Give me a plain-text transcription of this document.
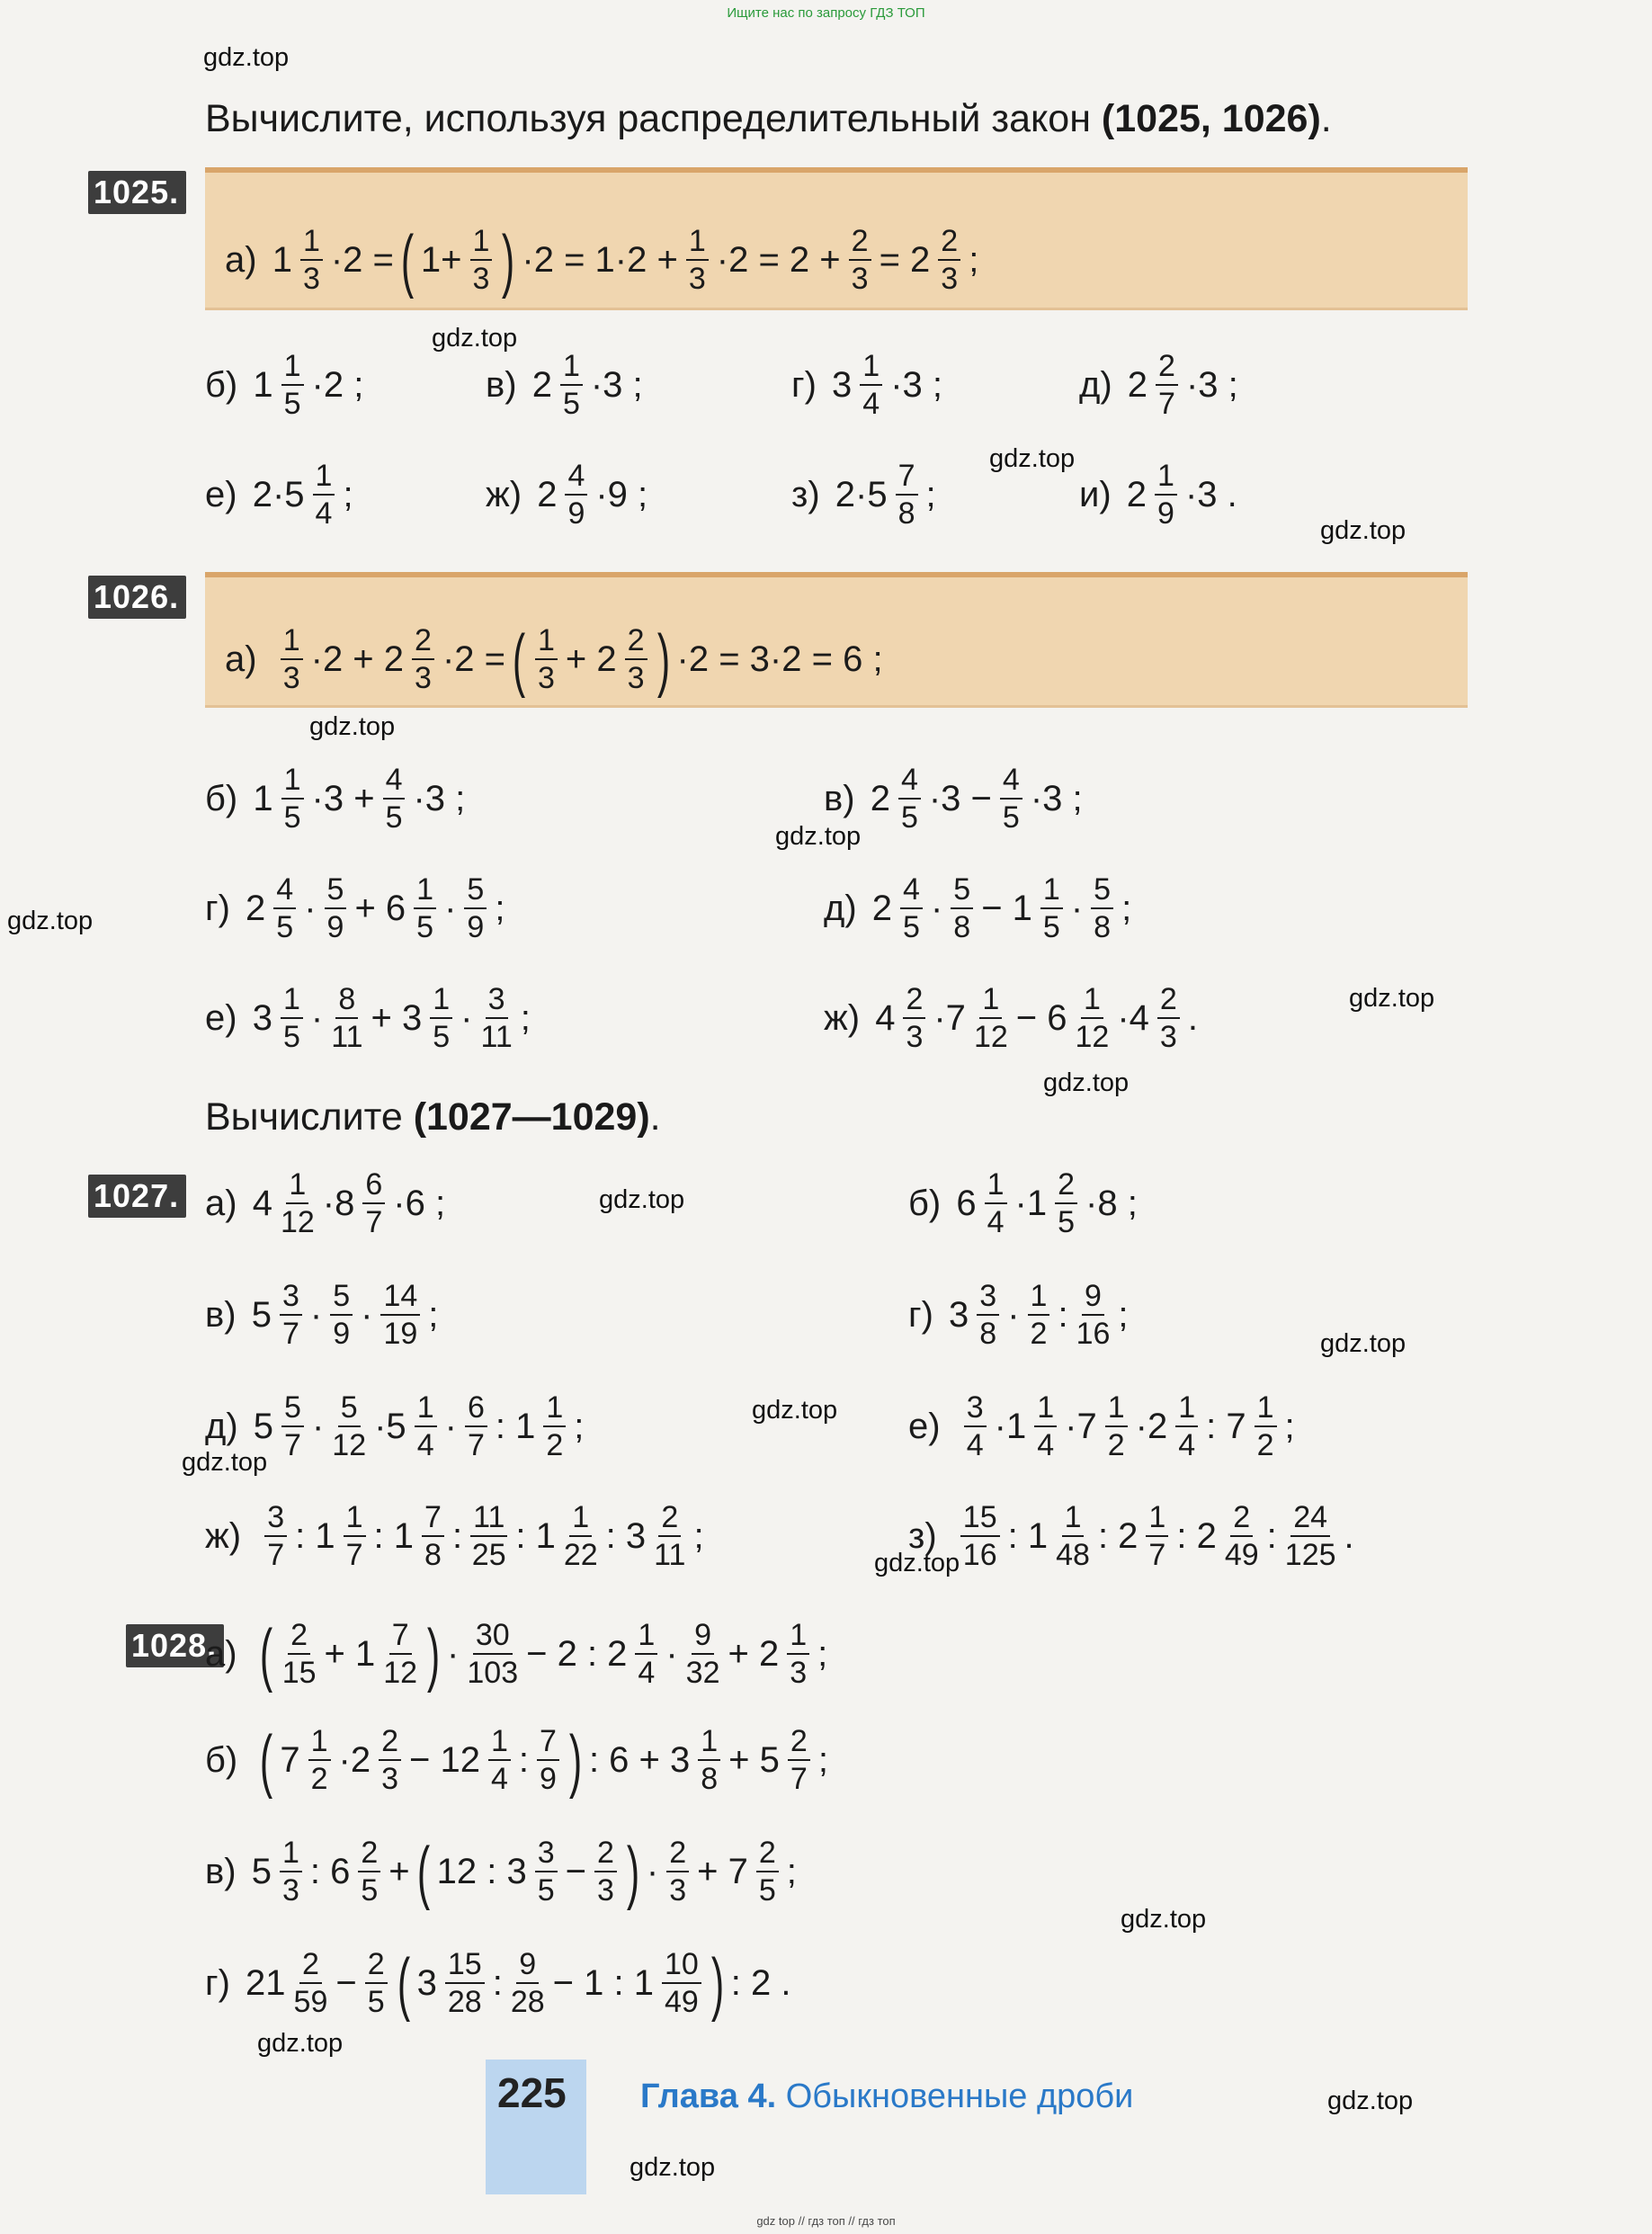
Ищите нас по запросу ГДЗ ТОП
gdz.top
gdz.top
gdz.top
gdz.top
gdz.top
gdz.top
gdz.top
gdz.top
gdz.top
gdz.top
gdz.top
gdz.top
gdz.top
gdz.top
gdz.top
gdz.top
gdz.top
gdz.top
Вычислите, используя распределительный закон (1025, 1026).
1025.
а) $1 \frac{1}{3} \cdot 2$ = ( $1+ \frac{1}{3}$ ) $\cdot 2 = 1\cdot 2 + \frac{1}{3} \cdot 2 = 2 + \frac{2}{3} = 2 \frac{2}{3}$ ;
б) $1 \frac{1}{5} \cdot 2$ ;	в) $2 \frac{1}{5} \cdot 3$ ;	г) $3 \frac{1}{4} \cdot 3$ ;	д) $2 \frac{2}{7} \cdot 3$ ;
е) $2\cdot 5 \frac{1}{4}$ ;	ж) $2 \frac{4}{9} \cdot 9$ ;	з) $2\cdot 5 \frac{7}{8}$ ;	и) $2 \frac{1}{9} \cdot 3$ .
1026.
а)
$\frac{1}{3} \cdot 2 + 2 \frac{2}{3} \cdot 2$ = ( $\frac{1}{3} + 2 \frac{2}{3}$ ) ·2 = 3·2 = 6 ;
б) $1 \frac{1}{5} \cdot 3 + \frac{4}{5} \cdot 3$ ;	в) $2 \frac{4}{5} \cdot 3 - \frac{4}{5} \cdot 3$ ;
г) $2 \frac{4}{5} \cdot \frac{5}{9} + 6 \frac{1}{5} \cdot \frac{5}{9}$ ;	д) $2 \frac{4}{5} \cdot \frac{5}{8} - 1 \frac{1}{5} \cdot \frac{5}{8}$ ;
е) $3 \frac{1}{5} \cdot \frac{8}{11} + 3 \frac{1}{5} \cdot \frac{3}{11}$ ;	ж) $4 \frac{2}{3} \cdot 7 \frac{1}{12} - 6 \frac{1}{12} \cdot 4 \frac{2}{3}$ .
Вычислите (1027—1029).
1027. а) $4 \frac{1}{12} \cdot 8 \frac{6}{7} \cdot 6$ ;	б) $6 \frac{1}{4} \cdot 1 \frac{2}{5} \cdot 8$ ;
в) $5 \frac{3}{7} \cdot \frac{5}{9} \cdot \frac{14}{19}$ ;	г) $3 \frac{3}{8} \cdot \frac{1}{2}$ : $\frac{9}{16}$ ;
д) $5 \frac{5}{7} \cdot \frac{5}{12} \cdot 5 \frac{1}{4} \cdot \frac{6}{7}$ : $1 \frac{1}{2}$ ;	е)
$\frac{3}{4} \cdot 1 \frac{1}{4} \cdot 7 \frac{1}{2} \cdot 2 \frac{1}{4}$ : $7 \frac{1}{2}$ ;
ж)
$\frac{3}{7}$ : $1 \frac{1}{7}$ : $1 \frac{7}{8}$ : $\frac{11}{25}$ : $1 \frac{1}{22}$ : $3 \frac{2}{11}$ ;	з)
$\frac{15}{16}$ : $1 \frac{1}{48}$ : $2 \frac{1}{7}$ : $2 \frac{2}{49}$ : $\frac{24}{125}$ .
1028.
а)
( $\frac{2}{15} + 1 \frac{7}{12}$ ) · $\frac{30}{103} - 2$ : $2 \frac{1}{4} \cdot \frac{9}{32} + 2 \frac{1}{3}$ ;
б)
( $7 \frac{1}{2} \cdot 2 \frac{2}{3} - 12 \frac{1}{4}$ : $\frac{7}{9}$ ) : $6 + 3 \frac{1}{8} + 5 \frac{2}{7}$ ;
в) $5 \frac{1}{3}$ : $6 \frac{2}{5}$ + ( 12 : $3 \frac{3}{5} - \frac{2}{3}$ ) · $\frac{2}{3} + 7 \frac{2}{5}$ ;
г) $21 \frac{2}{59} - \frac{2}{5}$ ( $3 \frac{15}{28}$ : $\frac{9}{28} - 1$ : $1 \frac{10}{49}$ ) : 2 .
225 Глава 4. Обыкновенные дроби
gdz top // гдз топ // гдз топ
